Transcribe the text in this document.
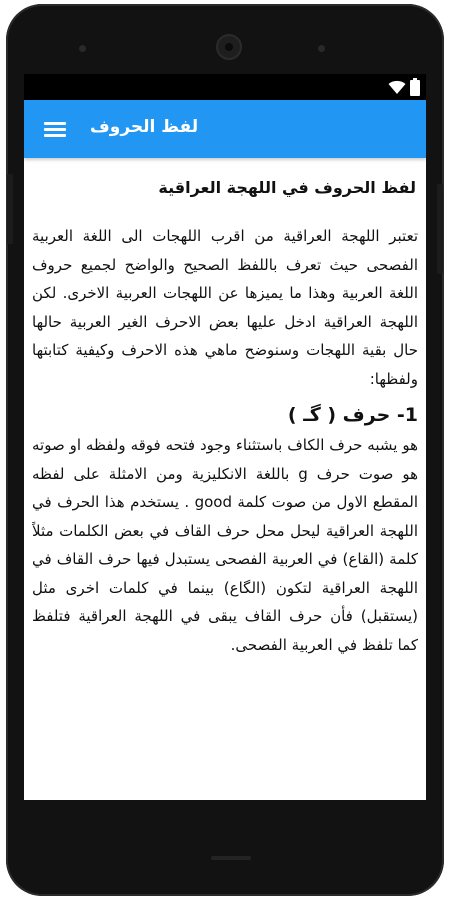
لفظ الحروف
لفظ الحروف في اللهجة العراقية

تعتبر اللهجة العراقية من اقرب اللهجات الى اللغة العربية الفصحى حيث تعرف باللفظ الصحيح والواضح لجميع حروف اللغة العربية وهذا ما يميزها عن اللهجات العربية الاخرى. لكن اللهجة العراقية ادخل عليها بعض الاحرف الغير العربية حالها حال بقية اللهجات وسنوضح ماهي هذه الاحرف وكيفية كتابتها ولفظها:

1- حرف ( گـ )

هو يشبه حرف الكاف باستثناء وجود فتحه فوقه ولفظه او صوته هو صوت حرف g باللغة الانكليزية ومن الامثلة على لفظه المقطع الاول من صوت كلمة good . يستخدم هذا الحرف في اللهجة العراقية ليحل محل حرف القاف في بعض الكلمات مثلاً كلمة (القاع) في العربية الفصحى يستبدل فيها حرف القاف في اللهجة العراقية لتكون (الگاع) بينما في كلمات اخرى مثل (يستقبل) فأن حرف القاف يبقى في اللهجة العراقية فتلفظ كما تلفظ في العربية الفصحى.
